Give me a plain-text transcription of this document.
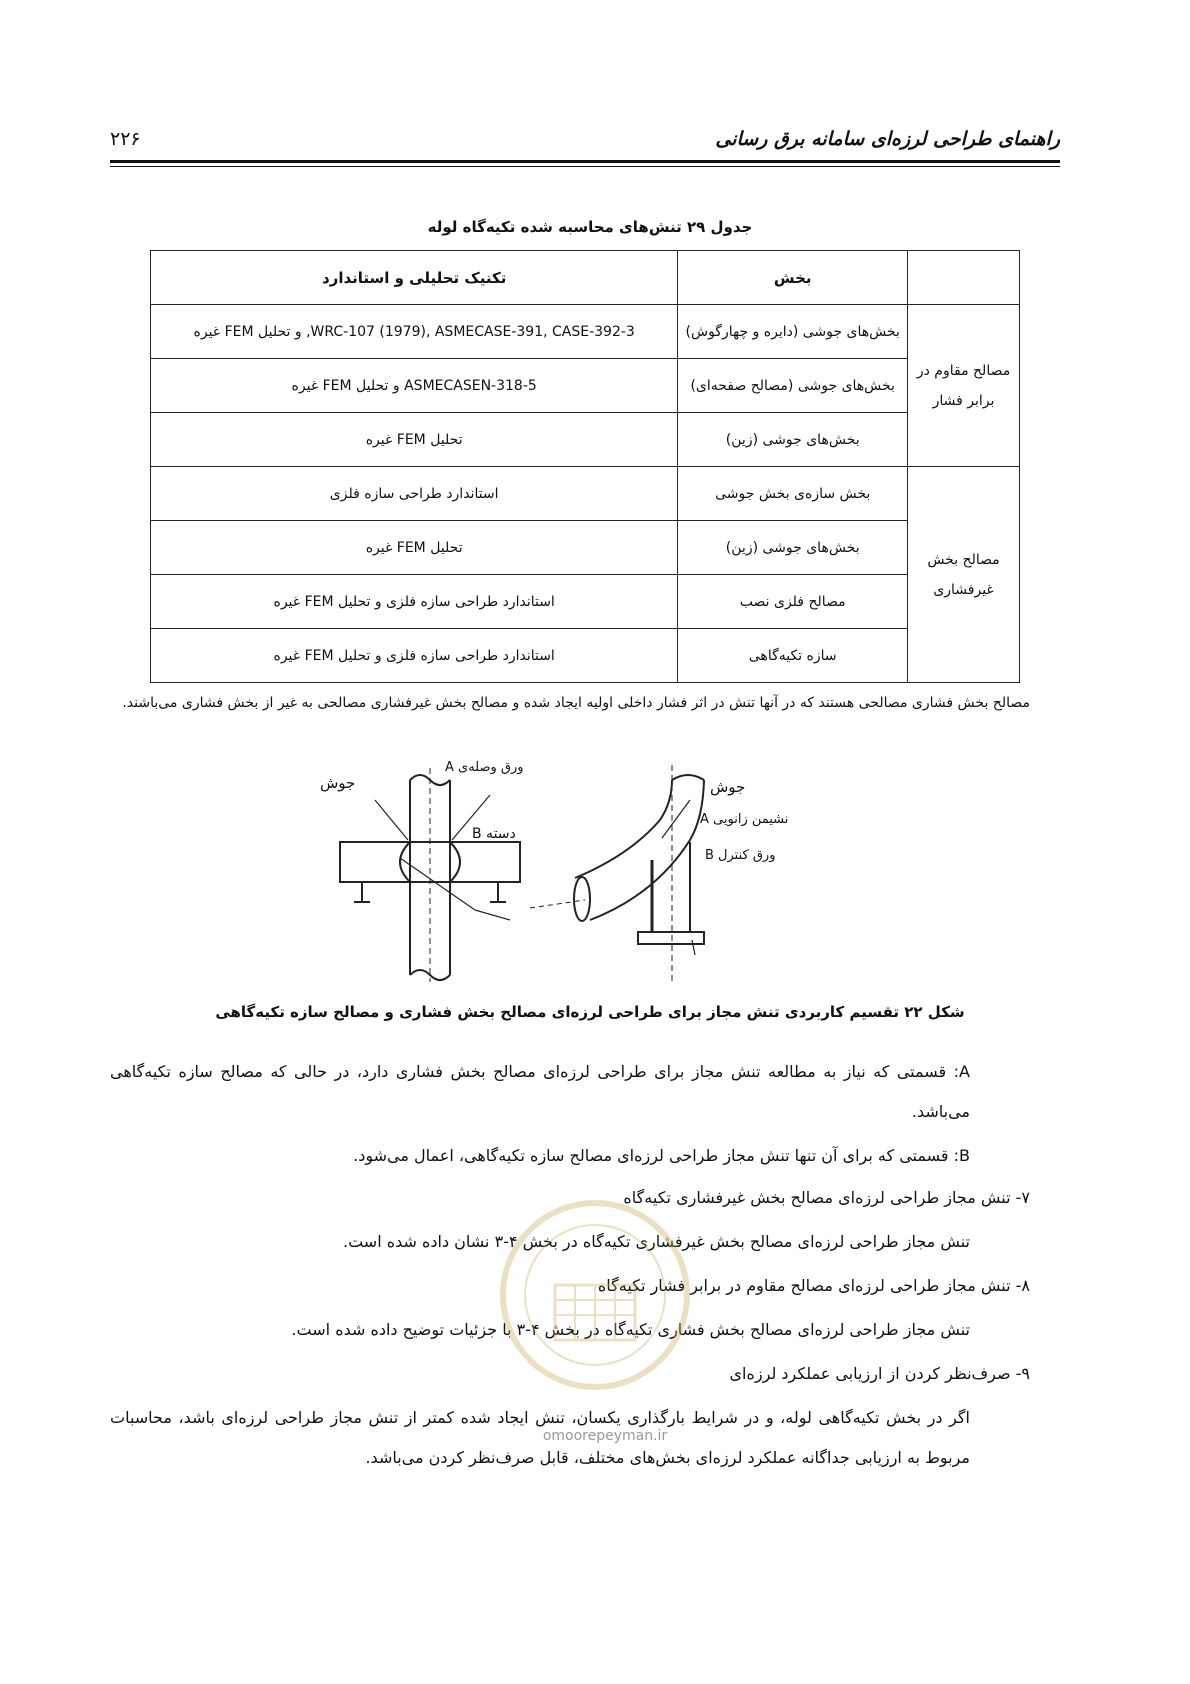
راهنمای طراحی لرزه‌ای سامانه برق رسانی
۲۲۶
جدول ۲۹ تنش‌های محاسبه شده تکیه‌گاه لوله
	بخش	تکنیک تحلیلی و استاندارد
مصالح مقاوم در برابر فشار	بخش‌های جوشی (دایره و چهارگوش)	WRC-107 (1979), ASMECASE-391, CASE-392-3, و تحلیل FEM غیره
	بخش‌های جوشی (مصالح صفحه‌ای)	ASMECASEN-318-5 و تحلیل FEM غیره
	بخش‌های جوشی (زین)	تحلیل FEM غیره
مصالح بخش غیرفشاری	بخش سازه‌ی بخش جوشی	استاندارد طراحی سازه فلزی
	بخش‌های جوشی (زین)	تحلیل FEM غیره
	مصالح فلزی نصب	استاندارد طراحی سازه فلزی و تحلیل FEM غیره
	سازه تکیه‌گاهی	استاندارد طراحی سازه فلزی و تحلیل FEM غیره
مصالح بخش فشاری مصالحی هستند که در آنها تنش در اثر فشار داخلی اولیه ایجاد شده و مصالح بخش غیرفشاری مصالحی به غیر از بخش فشاری می‌باشند.
جوش
ورق وصله‌ی A
دسته B
جوش
نشیمن زانویی A
ورق کنترل B
شکل ۲۲ تقسیم کاربردی تنش مجاز برای طراحی لرزه‌ای مصالح بخش فشاری و مصالح سازه تکیه‌گاهی
A: قسمتی که نیاز به مطالعه تنش مجاز برای طراحی لرزه‌ای مصالح بخش فشاری دارد، در حالی که مصالح سازه تکیه‌گاهی می‌باشد.
B: قسمتی که برای آن تنها تنش مجاز طراحی لرزه‌ای مصالح سازه تکیه‌گاهی، اعمال می‌شود.
۷- تنش مجاز طراحی لرزه‌ای مصالح بخش غیرفشاری تکیه‌گاه
تنش مجاز طراحی لرزه‌ای مصالح بخش غیرفشاری تکیه‌گاه در بخش ۴-۳ نشان داده شده است.
۸- تنش مجاز طراحی لرزه‌ای مصالح مقاوم در برابر فشار تکیه‌گاه
تنش مجاز طراحی لرزه‌ای مصالح بخش فشاری تکیه‌گاه در بخش ۴-۳ با جزئیات توضیح داده شده است.
۹- صرف‌نظر کردن از ارزیابی عملکرد لرزه‌ای
اگر در بخش تکیه‌گاهی لوله، و در شرایط بارگذاری یکسان، تنش ایجاد شده کمتر از تنش مجاز طراحی لرزه‌ای باشد، محاسبات مربوط به ارزیابی جداگانه عملکرد لرزه‌ای بخش‌های مختلف، قابل صرف‌نظر کردن می‌باشد.
omoorepeyman.ir
